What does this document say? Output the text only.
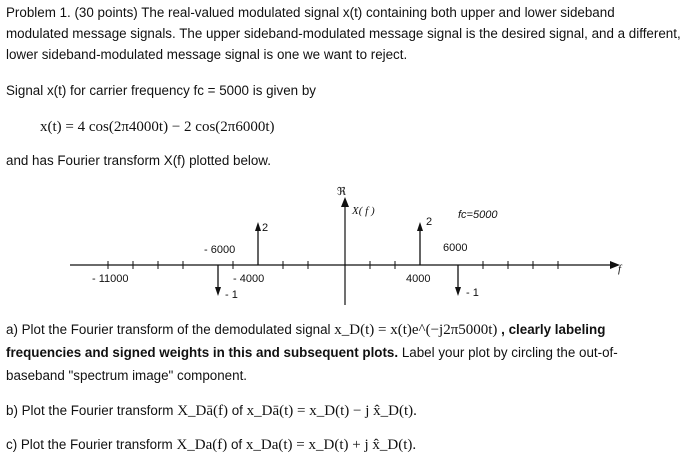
Problem 1. (30 points) The real-valued modulated signal x(t) containing both upper and lower sideband
modulated message signals. The upper sideband-modulated message signal is the desired signal, and a different,
lower sideband-modulated message signal is one we want to reject.
Signal x(t) for carrier frequency fc = 5000 is given by
x(t) = 4 cos(2π4000t) − 2 cos(2π6000t)
and has Fourier transform X(f) plotted below.
f
ℜ
X( f )
2	2
- 1	- 1
- 11000
- 6000
- 4000	4000
6000
fc=5000
a) Plot the Fourier transform of the demodulated signal x_D(t) = x(t)e^(−j2π5000t) , clearly labeling
frequencies and signed weights in this and subsequent plots. Label your plot by circling the out-of-
baseband "spectrum image" component.
b) Plot the Fourier transform X_Dā(f) of x_Dā(t) = x_D(t) − j x̂_D(t).
c) Plot the Fourier transform X_Da(f) of x_Da(t) = x_D(t) + j x̂_D(t).
